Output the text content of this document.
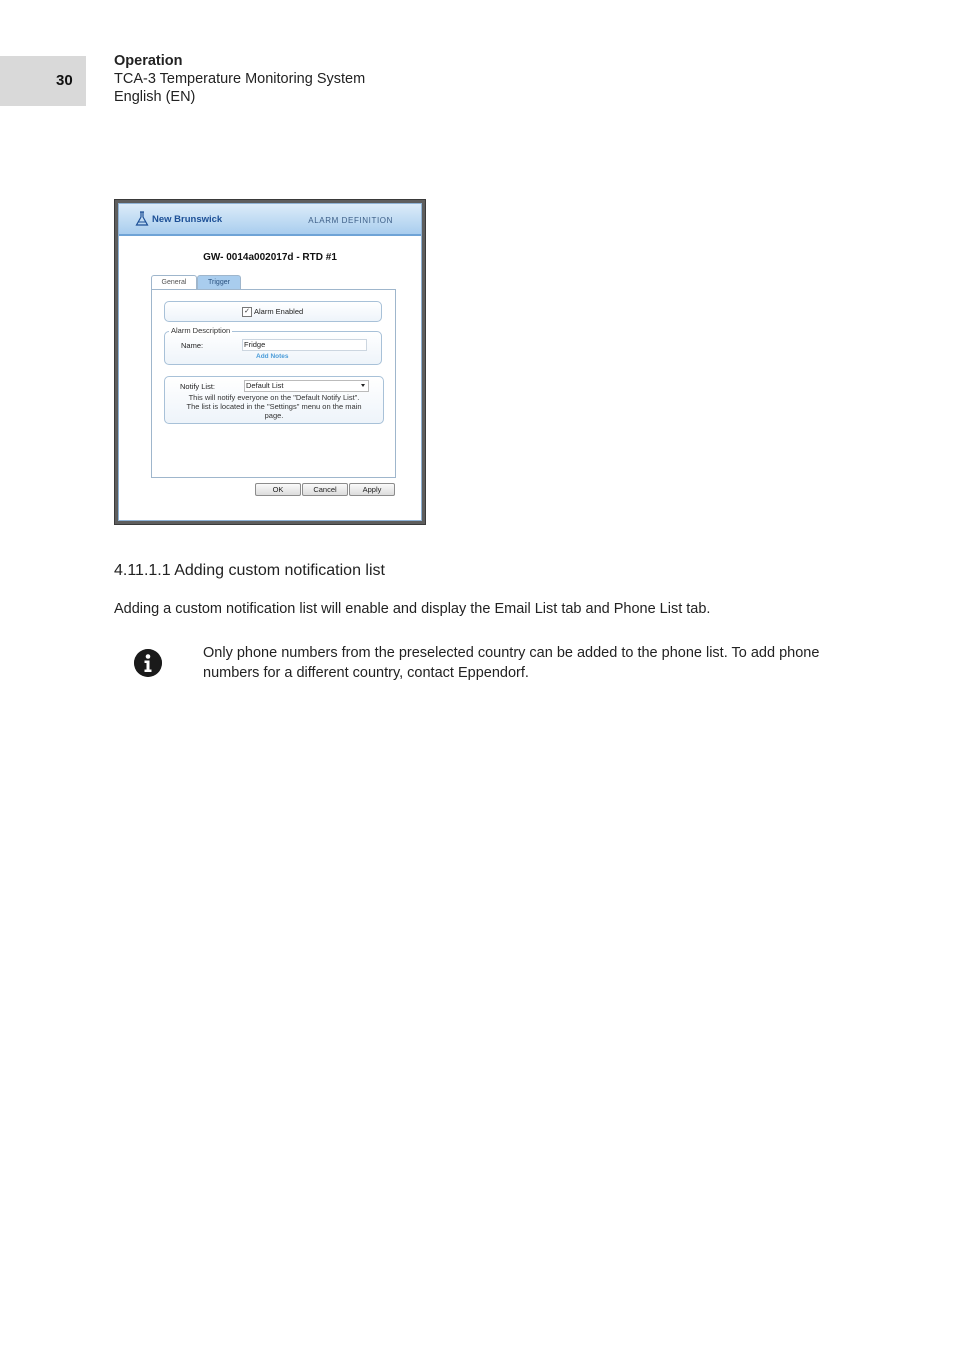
30
Operation
TCA-3 Temperature Monitoring System
English (EN)
New Brunswick	ALARM DEFINITION
GW- 0014a002017d - RTD #1
General	Trigger
✓ Alarm Enabled
Alarm Description
Name:	Fridge
Add Notes
Notify List:	Default List
This will notify everyone on the "Default Notify List".
The list is located in the "Settings" menu on the main
page.
OK	Cancel	Apply
4.11.1.1 Adding custom notification list
Adding a custom notification list will enable and display the Email List tab and Phone List tab.
Only phone numbers from the preselected country can be added to the phone list. To add phone numbers for a different country, contact Eppendorf.
